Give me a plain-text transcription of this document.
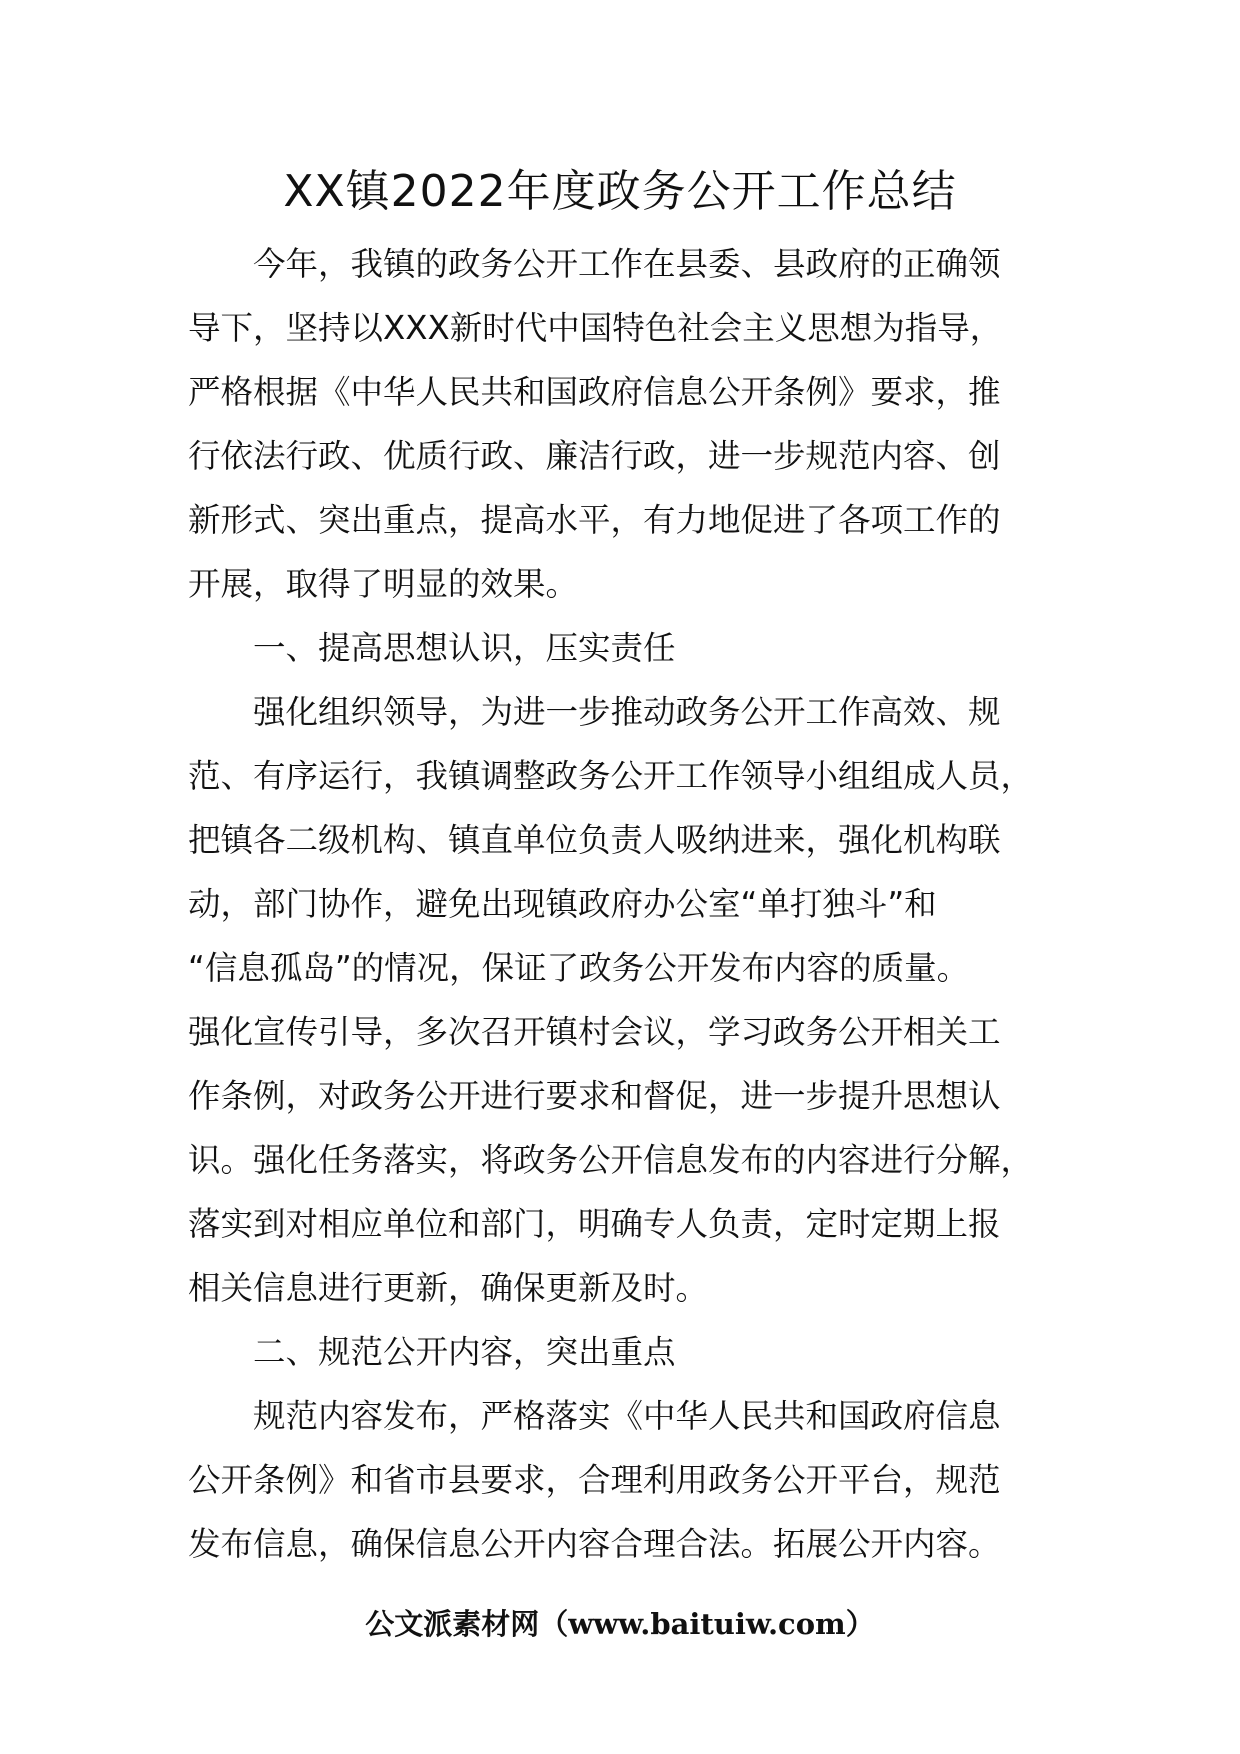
XX镇2022年度政务公开工作总结
今年，我镇的政务公开工作在县委、县政府的正确领
导下，坚持以XXX新时代中国特色社会主义思想为指导，
严格根据《中华人民共和国政府信息公开条例》要求，推
行依法行政、优质行政、廉洁行政，进一步规范内容、创
新形式、突出重点，提高水平，有力地促进了各项工作的
开展，取得了明显的效果。
一、提高思想认识，压实责任
强化组织领导，为进一步推动政务公开工作高效、规
范、有序运行，我镇调整政务公开工作领导小组组成人员，
把镇各二级机构、镇直单位负责人吸纳进来，强化机构联
动，部门协作，避免出现镇政府办公室“单打独斗”和
“信息孤岛”的情况，保证了政务公开发布内容的质量。
强化宣传引导，多次召开镇村会议，学习政务公开相关工
作条例，对政务公开进行要求和督促，进一步提升思想认
识。强化任务落实，将政务公开信息发布的内容进行分解，
落实到对相应单位和部门，明确专人负责，定时定期上报
相关信息进行更新，确保更新及时。
二、规范公开内容，突出重点
规范内容发布，严格落实《中华人民共和国政府信息
公开条例》和省市县要求，合理利用政务公开平台，规范
发布信息，确保信息公开内容合理合法。拓展公开内容。
公文派素材网（www.baituiw.com）
